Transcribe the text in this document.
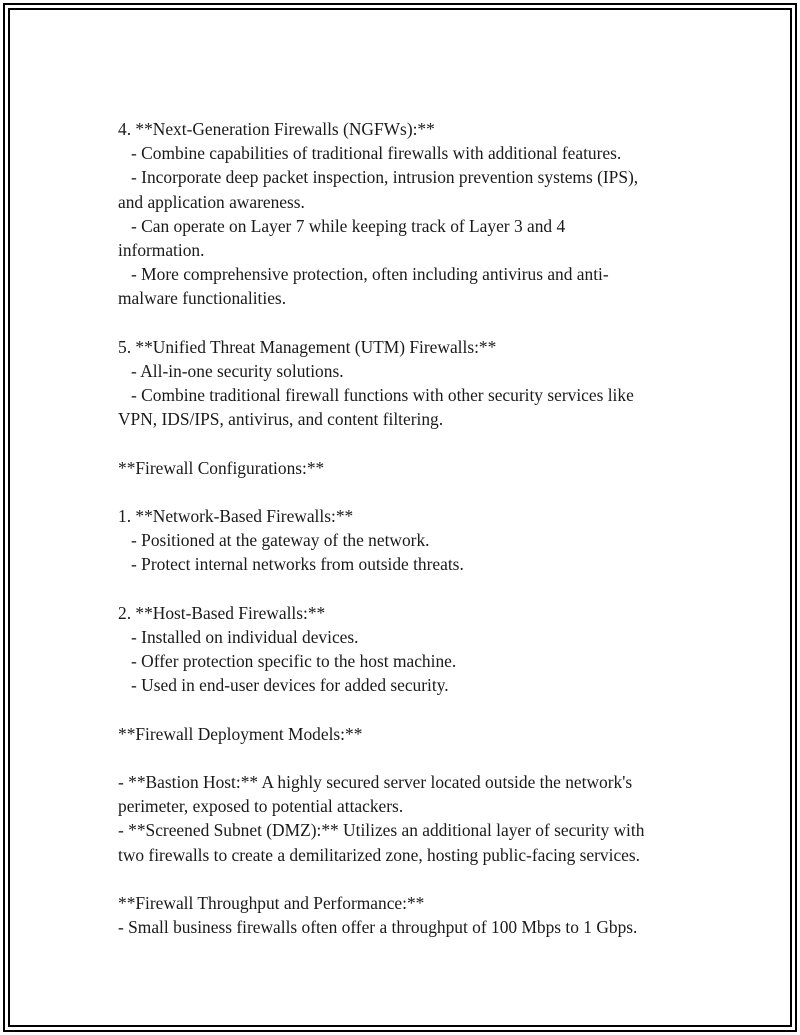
4. **Next-Generation Firewalls (NGFWs):**
- Combine capabilities of traditional firewalls with additional features.
- Incorporate deep packet inspection, intrusion prevention systems (IPS),
and application awareness.
- Can operate on Layer 7 while keeping track of Layer 3 and 4
information.
- More comprehensive protection, often including antivirus and anti-
malware functionalities.
5. **Unified Threat Management (UTM) Firewalls:**
- All-in-one security solutions.
- Combine traditional firewall functions with other security services like
VPN, IDS/IPS, antivirus, and content filtering.
**Firewall Configurations:**
1. **Network-Based Firewalls:**
- Positioned at the gateway of the network.
- Protect internal networks from outside threats.
2. **Host-Based Firewalls:**
- Installed on individual devices.
- Offer protection specific to the host machine.
- Used in end-user devices for added security.
**Firewall Deployment Models:**
- **Bastion Host:** A highly secured server located outside the network's
perimeter, exposed to potential attackers.
- **Screened Subnet (DMZ):** Utilizes an additional layer of security with
two firewalls to create a demilitarized zone, hosting public-facing services.
**Firewall Throughput and Performance:**
- Small business firewalls often offer a throughput of 100 Mbps to 1 Gbps.
